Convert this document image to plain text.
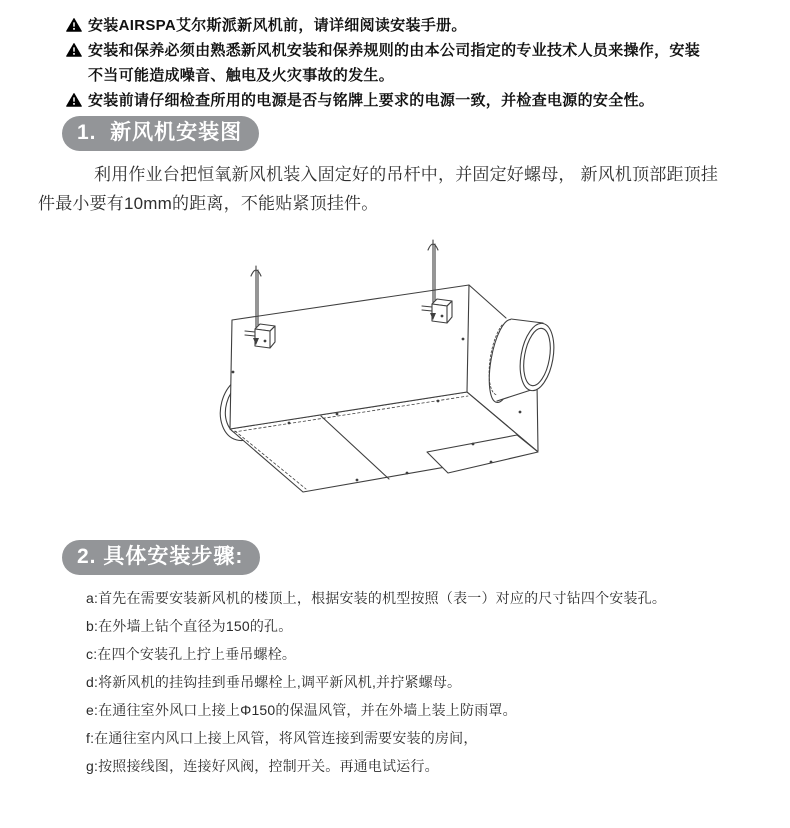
安装AIRSPA艾尔斯派新风机前，请详细阅读安装手册。
安装和保养必须由熟悉新风机安装和保养规则的由本公司指定的专业技术人员来操作，安装不当可能造成噪音、触电及火灾事故的发生。
安装前请仔细检查所用的电源是否与铭牌上要求的电源一致，并检查电源的安全性。
1.  新风机安装图
利用作业台把恒氧新风机装入固定好的吊杆中，并固定好螺母， 新风机顶部距顶挂件最小要有10mm的距离，不能贴紧顶挂件。
2. 具体安装步骤:

a:首先在需要安装新风机的楼顶上，根据安装的机型按照（表一）对应的尺寸钻四个安装孔。

b:在外墙上钻个直径为150的孔。

c:在四个安装孔上拧上垂吊螺栓。

d:将新风机的挂钩挂到垂吊螺栓上,调平新风机,并拧紧螺母。

e:在通往室外风口上接上Φ150的保温风管，并在外墙上装上防雨罩。

f:在通往室内风口上接上风管，将风管连接到需要安装的房间，

g:按照接线图，连接好风阀，控制开关。再通电试运行。
